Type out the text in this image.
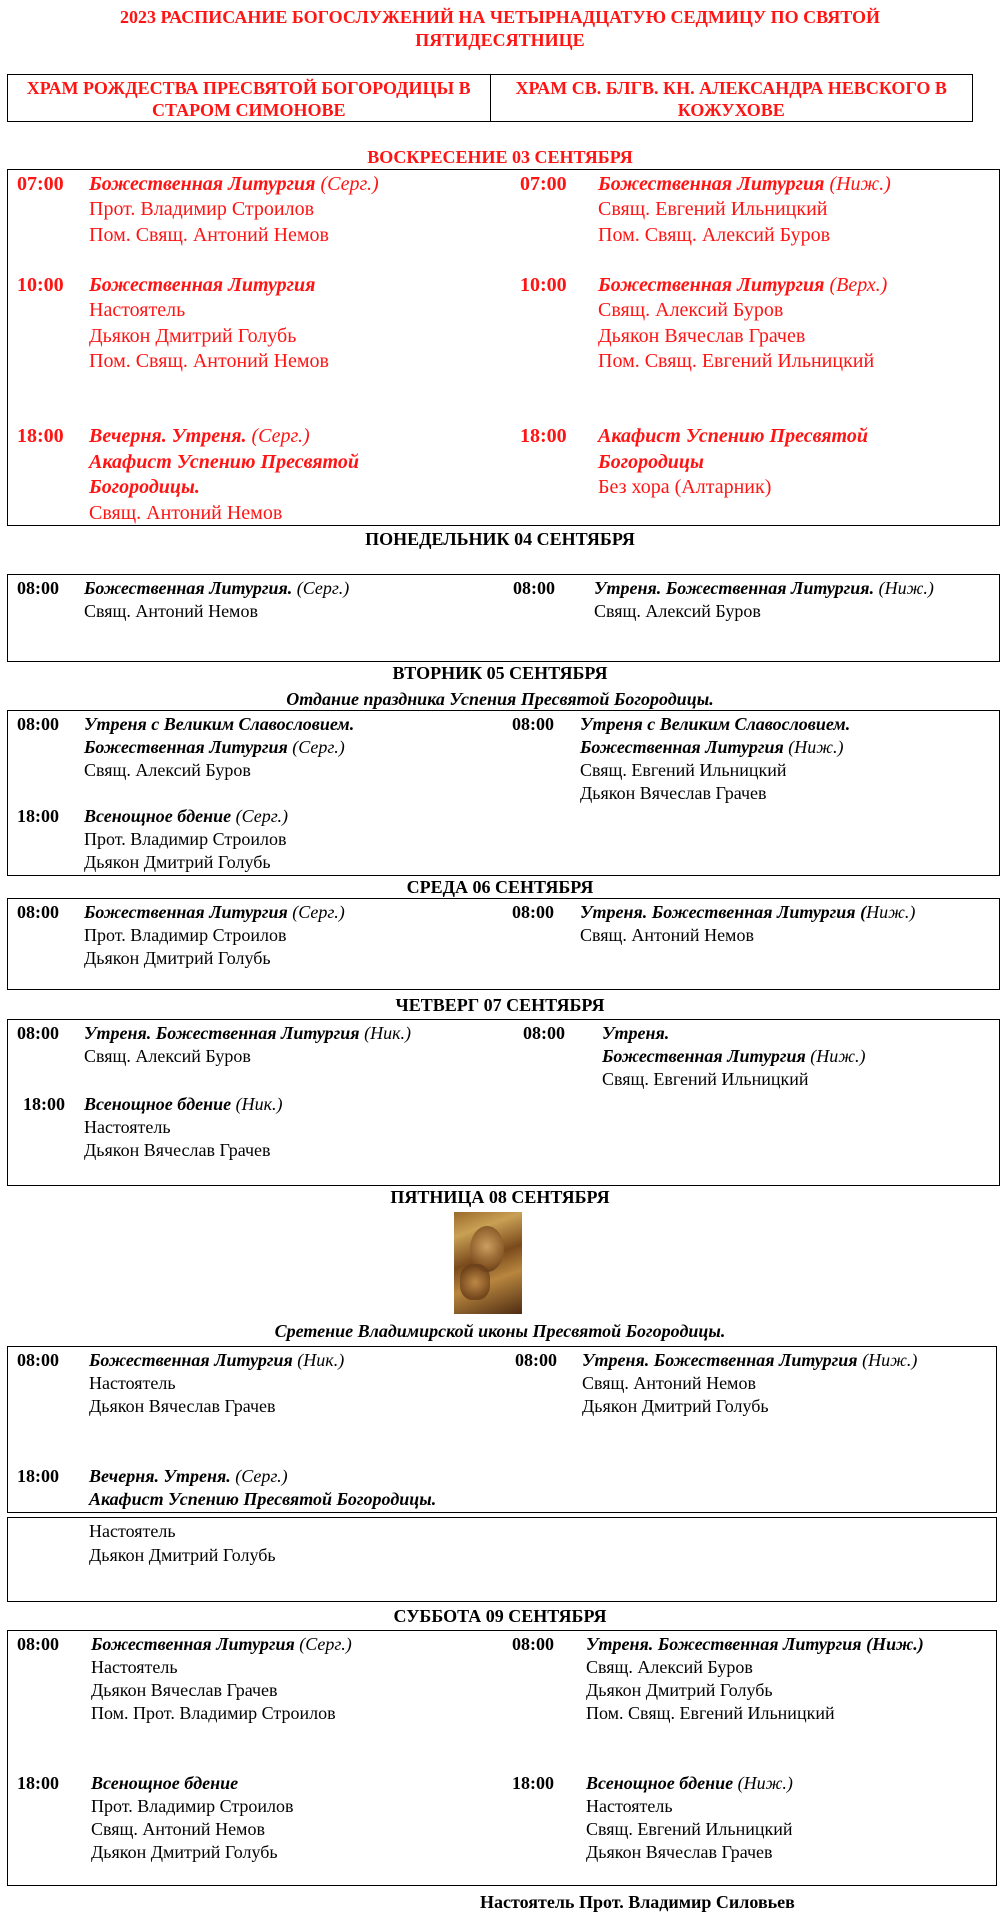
2023 РАСПИСАНИЕ БОГОСЛУЖЕНИЙ НА ЧЕТЫРНАДЦАТУЮ СЕДМИЦУ ПО СВЯТОЙ
ПЯТИДЕСЯТНИЦЕ
ХРАМ РОЖДЕСТВА ПРЕСВЯТОЙ БОГОРОДИЦЫ В СТАРОМ СИМОНОВЕ
ХРАМ СВ. БЛГВ. КН. АЛЕКСАНДРА НЕВСКОГО В КОЖУХОВЕ
ВОСКРЕСЕНИЕ 03 СЕНТЯБРЯ
07:00 Божественная Литургия (Серг.)
Прот. Владимир Строилов
Пом. Свящ. Антоний Немов
10:00 Божественная Литургия
Настоятель
Дьякон Дмитрий Голубь
Пом. Свящ. Антоний Немов
18:00 Вечерня. Утреня. (Серг.)
Акафист Успению Пресвятой
Богородицы.
Свящ. Антоний Немов
07:00 Божественная Литургия (Ниж.)
Свящ. Евгений Ильницкий
Пом. Свящ. Алексий Буров
10:00 Божественная Литургия (Верх.)
Свящ. Алексий Буров
Дьякон Вячеслав Грачев
Пом. Свящ. Евгений Ильницкий
18:00 Акафист Успению Пресвятой
Богородицы
Без хора (Алтарник)
ПОНЕДЕЛЬНИК 04 СЕНТЯБРЯ
08:00 Божественная Литургия. (Серг.)
Свящ. Антоний Немов
08:00 Утреня. Божественная Литургия. (Ниж.)
Свящ. Алексий Буров
ВТОРНИК 05 СЕНТЯБРЯ
Отдание праздника Успения Пресвятой Богородицы.
08:00 Утреня с Великим Славословием.
Божественная Литургия (Серг.)
Свящ. Алексий Буров
18:00 Всенощное бдение (Серг.)
Прот. Владимир Строилов
Дьякон Дмитрий Голубь
08:00 Утреня с Великим Славословием.
Божественная Литургия (Ниж.)
Свящ. Евгений Ильницкий
Дьякон Вячеслав Грачев
СРЕДА 06 СЕНТЯБРЯ
08:00 Божественная Литургия (Серг.)
Прот. Владимир Строилов
Дьякон Дмитрий Голубь
08:00 Утреня. Божественная Литургия (Ниж.)
Свящ. Антоний Немов
ЧЕТВЕРГ 07 СЕНТЯБРЯ
08:00 Утреня. Божественная Литургия (Ник.)
Свящ. Алексий Буров
18:00 Всенощное бдение (Ник.)
Настоятель
Дьякон Вячеслав Грачев
08:00 Утреня.
Божественная Литургия (Ниж.)
Свящ. Евгений Ильницкий
ПЯТНИЦА 08 СЕНТЯБРЯ
Сретение Владимирской иконы Пресвятой Богородицы.
08:00 Божественная Литургия (Ник.)
Настоятель
Дьякон Вячеслав Грачев
18:00 Вечерня. Утреня. (Серг.)
Акафист Успению Пресвятой Богородицы.
08:00 Утреня. Божественная Литургия (Ниж.)
Свящ. Антоний Немов
Дьякон Дмитрий Голубь
Настоятель
Дьякон Дмитрий Голубь
СУББОТА 09 СЕНТЯБРЯ
08:00 Божественная Литургия (Серг.)
Настоятель
Дьякон Вячеслав Грачев
Пом. Прот. Владимир Строилов
18:00 Всенощное бдение
Прот. Владимир Строилов
Свящ. Антоний Немов
Дьякон Дмитрий Голубь
08:00 Утреня. Божественная Литургия (Ниж.)
Свящ. Алексий Буров
Дьякон Дмитрий Голубь
Пом. Свящ. Евгений Ильницкий
18:00 Всенощное бдение (Ниж.)
Настоятель
Свящ. Евгений Ильницкий
Дьякон Вячеслав Грачев
Настоятель Прот. Владимир Силовьев
